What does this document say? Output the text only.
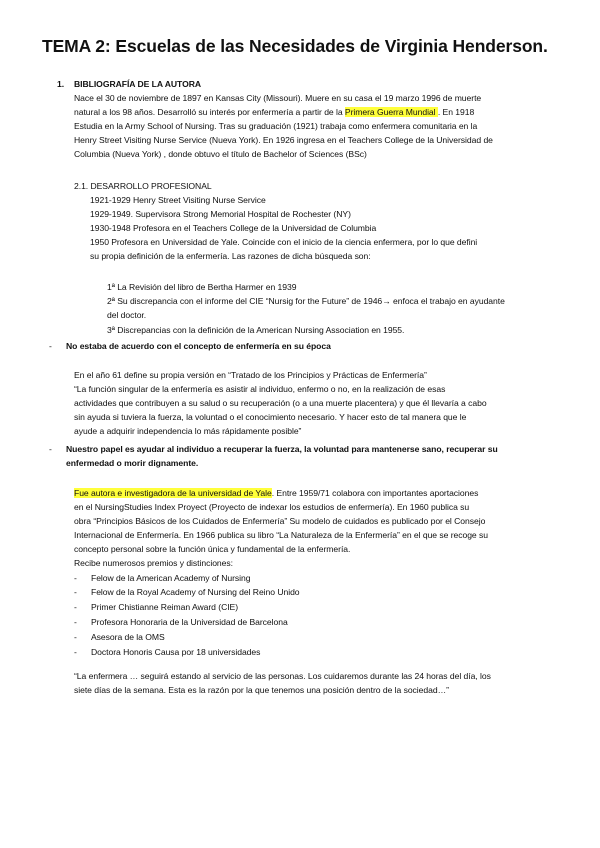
TEMA 2: Escuelas de las Necesidades de Virginia Henderson.
1. BIBLIOGRAFÍA DE LA AUTORA
Nace el 30 de noviembre de 1897 en Kansas City (Missouri). Muere en su casa el 19 marzo 1996 de muerte
natural a los 98 años. Desarrolló su interés por enfermería a partir de la Primera Guerra Mundial . En 1918
Estudia en la Army School of Nursing. Tras su graduación (1921) trabaja como enfermera comunitaria en la
Henry Street Visiting Nurse Service (Nueva York). En 1926 ingresa en el Teachers College de la Universidad de
Columbia (Nueva York) , donde obtuvo el título de Bachelor of Sciences (BSc)
2.1. DESARROLLO PROFESIONAL
1921-1929 Henry Street Visiting Nurse Service
1929-1949. Supervisora Strong Memorial Hospital de Rochester (NY)
1930-1948 Profesora en el Teachers College de la Universidad de Columbia
1950 Profesora en Universidad de Yale. Coincide con el inicio de la ciencia enfermera, por lo que defini
su propia definición de la enfermería. Las razones de dicha búsqueda son:
1ª La Revisión del libro de Bertha Harmer en 1939
2ª Su discrepancia con el informe del CIE “Nursig for the Future” de 1946→ enfoca el trabajo en ayudante
del doctor.
3ª Discrepancias con la definición de la American Nursing Association en 1955.
- No estaba de acuerdo con el concepto de enfermería en su época
En el año 61 define su propia versión en “Tratado de los Principios y Prácticas de Enfermería”
“La función singular de la enfermería es asistir al individuo, enfermo o no, en la realización de esas
actividades que contribuyen a su salud o su recuperación (o a una muerte placentera) y que él llevaría a cabo
sin ayuda si tuviera la fuerza, la voluntad o el conocimiento necesario. Y hacer esto de tal manera que le
ayude a adquirir independencia lo más rápidamente posible”
- Nuestro papel es ayudar al individuo a recuperar la fuerza, la voluntad para mantenerse sano, recuperar su
enfermedad o morir dignamente.
Fue autora e investigadora de la universidad de Yale. Entre 1959/71 colabora con importantes aportaciones
en el NursingStudies Index Proyect (Proyecto de indexar los estudios de enfermería). En 1960 publica su
obra “Principios Básicos de los Cuidados de Enfermería” Su modelo de cuidados es publicado por el Consejo
Internacional de Enfermería. En 1966 publica su libro “La Naturaleza de la Enfermería” en el que se recoge su
concepto personal sobre la función única y fundamental de la enfermería.
Recibe numerosos premios y distinciones:
- Felow de la American Academy of Nursing
- Felow de la Royal Academy of Nursing del Reino Unido
- Primer Chistianne Reiman Award (CIE)
- Profesora Honoraria de la Universidad de Barcelona
- Asesora de la OMS
- Doctora Honoris Causa por 18 universidades
“La enfermera … seguirá estando al servicio de las personas. Los cuidaremos durante las 24 horas del día, los
siete días de la semana. Esta es la razón por la que tenemos una posición dentro de la sociedad…”
